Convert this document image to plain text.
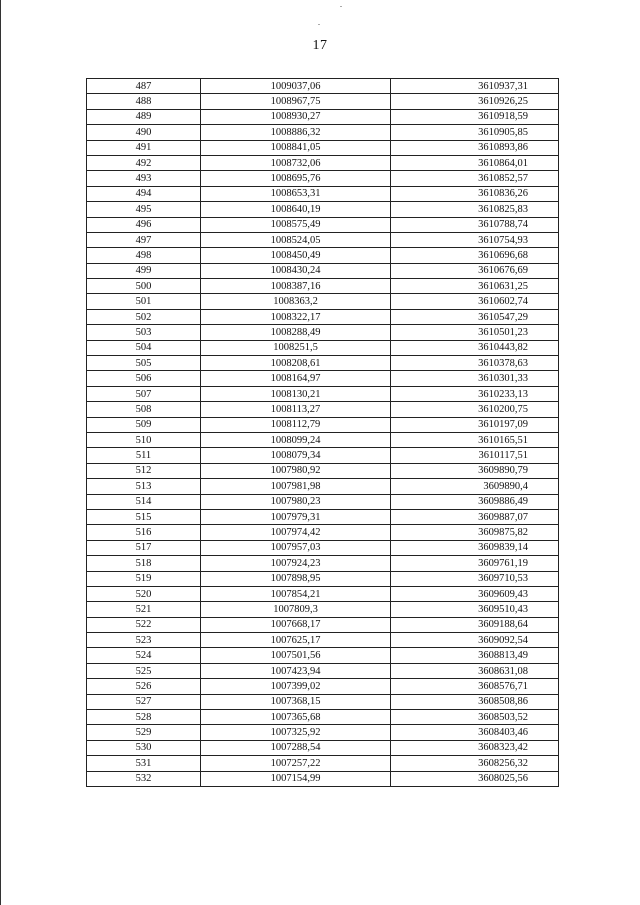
17
487	1009037,06	3610937,31
488	1008967,75	3610926,25
489	1008930,27	3610918,59
490	1008886,32	3610905,85
491	1008841,05	3610893,86
492	1008732,06	3610864,01
493	1008695,76	3610852,57
494	1008653,31	3610836,26
495	1008640,19	3610825,83
496	1008575,49	3610788,74
497	1008524,05	3610754,93
498	1008450,49	3610696,68
499	1008430,24	3610676,69
500	1008387,16	3610631,25
501	1008363,2	3610602,74
502	1008322,17	3610547,29
503	1008288,49	3610501,23
504	1008251,5	3610443,82
505	1008208,61	3610378,63
506	1008164,97	3610301,33
507	1008130,21	3610233,13
508	1008113,27	3610200,75
509	1008112,79	3610197,09
510	1008099,24	3610165,51
511	1008079,34	3610117,51
512	1007980,92	3609890,79
513	1007981,98	3609890,4
514	1007980,23	3609886,49
515	1007979,31	3609887,07
516	1007974,42	3609875,82
517	1007957,03	3609839,14
518	1007924,23	3609761,19
519	1007898,95	3609710,53
520	1007854,21	3609609,43
521	1007809,3	3609510,43
522	1007668,17	3609188,64
523	1007625,17	3609092,54
524	1007501,56	3608813,49
525	1007423,94	3608631,08
526	1007399,02	3608576,71
527	1007368,15	3608508,86
528	1007365,68	3608503,52
529	1007325,92	3608403,46
530	1007288,54	3608323,42
531	1007257,22	3608256,32
532	1007154,99	3608025,56
